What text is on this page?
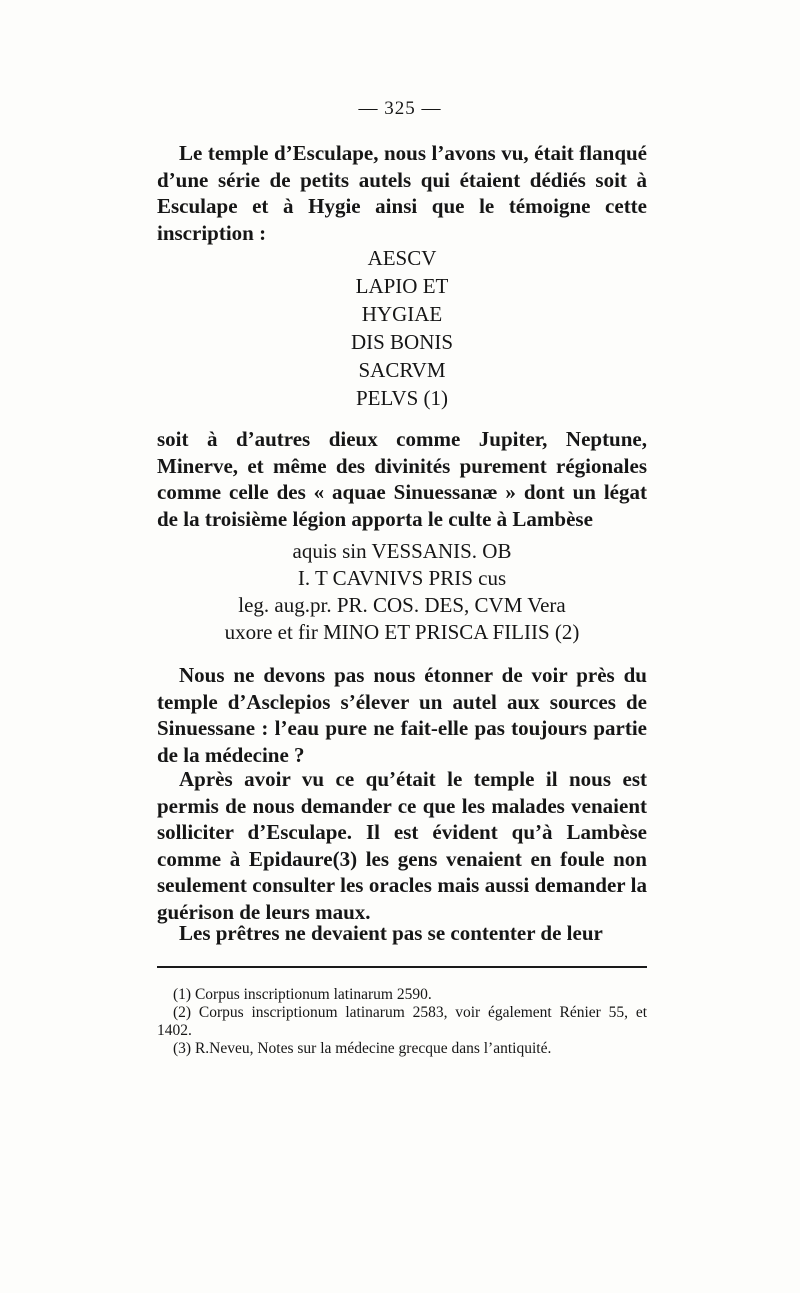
— 325 —

Le temple d’Esculape, nous l’avons vu, était flanqué d’une série de petits autels qui étaient dédiés soit à Esculape et à Hygie ainsi que le témoigne cette inscription :

AESCV
LAPIO ET
HYGIAE
DIS BONIS
SACRVM
PELVS (1)

soit à d’autres dieux comme Jupiter, Neptune, Minerve, et même des divinités purement régionales comme celle des « aquae Sinuessanæ » dont un légat de la troisième légion apporta le culte à Lambèse

aquis sin VESSANIS. OB
I. T CAVNIVS PRIS cus
leg. aug.pr. PR. COS. DES, CVM Vera
uxore et fir MINO ET PRISCA FILIIS (2)

Nous ne devons pas nous étonner de voir près du temple d’Asclepios s’élever un autel aux sources de Sinuessane : l’eau pure ne fait-elle pas toujours partie de la médecine ?

Après avoir vu ce qu’était le temple il nous est permis de nous demander ce que les malades venaient solliciter d’Esculape. Il est évident qu’à Lambèse comme à Epidaure(3) les gens venaient en foule non seulement consulter les oracles mais aussi demander la guérison de leurs maux.

Les prêtres ne devaient pas se contenter de leur

(1) Corpus inscriptionum latinarum 2590.
(2) Corpus inscriptionum latinarum 2583, voir également Rénier 55, et 1402.
(3) R.Neveu, Notes sur la médecine grecque dans l’antiquité.
